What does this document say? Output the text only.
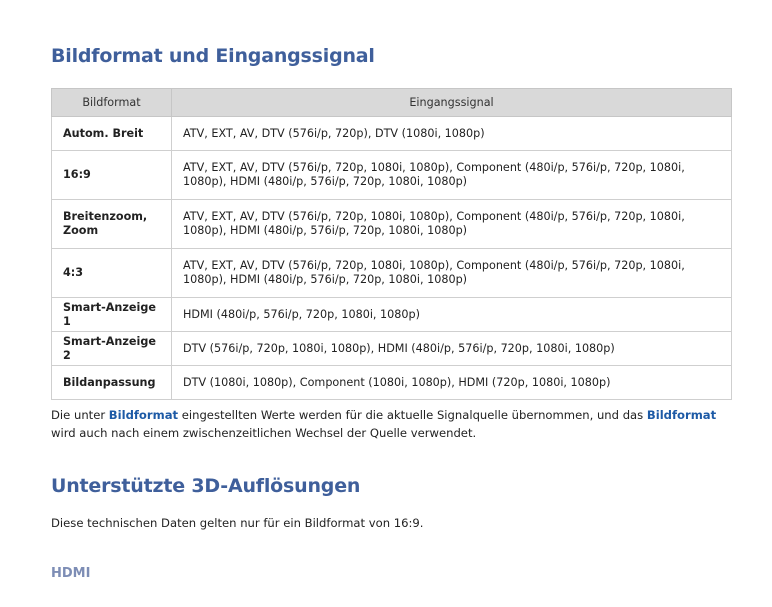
Bildformat und Eingangssignal
Bildformat	Eingangssignal
Autom. Breit	ATV, EXT, AV, DTV (576i/p, 720p), DTV (1080i, 1080p)
16:9	ATV, EXT, AV, DTV (576i/p, 720p, 1080i, 1080p), Component (480i/p, 576i/p, 720p, 1080i, 1080p), HDMI (480i/p, 576i/p, 720p, 1080i, 1080p)
Breitenzoom, Zoom	ATV, EXT, AV, DTV (576i/p, 720p, 1080i, 1080p), Component (480i/p, 576i/p, 720p, 1080i, 1080p), HDMI (480i/p, 576i/p, 720p, 1080i, 1080p)
4:3	ATV, EXT, AV, DTV (576i/p, 720p, 1080i, 1080p), Component (480i/p, 576i/p, 720p, 1080i, 1080p), HDMI (480i/p, 576i/p, 720p, 1080i, 1080p)
Smart-Anzeige 1	HDMI (480i/p, 576i/p, 720p, 1080i, 1080p)
Smart-Anzeige 2	DTV (576i/p, 720p, 1080i, 1080p), HDMI (480i/p, 576i/p, 720p, 1080i, 1080p)
Bildanpassung	DTV (1080i, 1080p), Component (1080i, 1080p), HDMI (720p, 1080i, 1080p)
Die unter Bildformat eingestellten Werte werden für die aktuelle Signalquelle übernommen, und das Bildformat wird auch nach einem zwischenzeitlichen Wechsel der Quelle verwendet.
Unterstützte 3D-Auflösungen
Diese technischen Daten gelten nur für ein Bildformat von 16:9.
HDMI
